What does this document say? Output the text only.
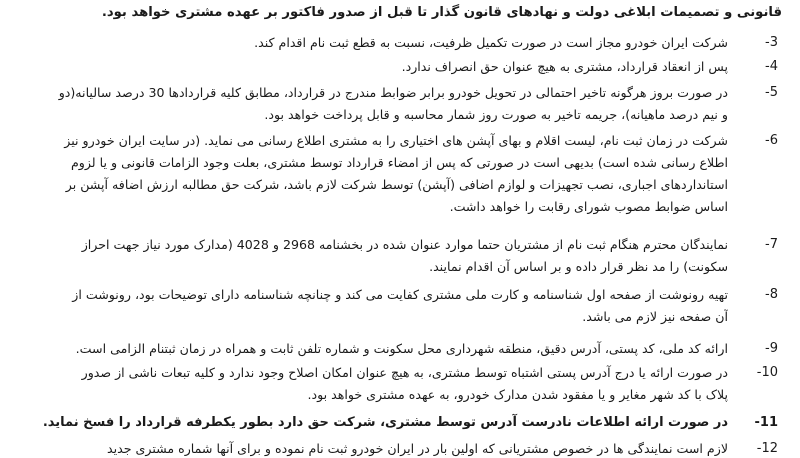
قانونی و تصمیمات ابلاغی دولت و نهادهای قانون گذار تا قبل از صدور فاکتور بر عهده مشتری خواهد بود.
-3
شرکت ایران خودرو مجاز است در صورت تکمیل ظرفیت، نسبت به قطع ثبت نام اقدام کند.
-4
پس از انعقاد قرارداد، مشتری به هیچ عنوان حق انصراف ندارد.
-5
در صورت بروز هرگونه تاخیر احتمالی در تحویل خودرو برابر ضوابط مندرج در قرارداد، مطابق کلیه قراردادها 30 درصد سالیانه(دو
و نیم درصد ماهیانه)، جریمه تاخیر به صورت روز شمار محاسبه و قابل پرداخت خواهد بود.
-6
شرکت در زمان ثبت نام، لیست اقلام و بهای آپشن های اختیاری را به مشتری اطلاع رسانی می نماید. (در سایت ایران خودرو نیز
اطلاع رسانی شده است) بدیهی است در صورتی که پس از امضاء قرارداد توسط مشتری، بعلت وجود الزامات قانونی و یا لزوم
استانداردهای اجباری، نصب تجهیزات و لوازم اضافی (آپشن) توسط شرکت لازم باشد، شرکت حق مطالبه ارزش اضافه آپشن بر
اساس ضوابط مصوب شورای رقابت را خواهد داشت.
-7
نمایندگان محترم هنگام ثبت نام از مشتریان حتما موارد عنوان شده در بخشنامه 2968 و 4028 (مدارک مورد نیاز جهت احراز
سکونت) را مد نظر قرار داده و بر اساس آن اقدام نمایند.
-8
تهیه رونوشت از صفحه اول شناسنامه و کارت ملی مشتری کفایت می کند و چنانچه شناسنامه دارای توضیحات بود، رونوشت از
آن صفحه نیز لازم می باشد.
-9
ارائه کد ملی، کد پستی، آدرس دقیق، منطقه شهرداری محل سکونت و شماره تلفن ثابت و همراه در زمان ثبتنام الزامی است.
-10
در صورت ارائه یا درج آدرس پستی اشتباه توسط مشتری، به هیچ عنوان امکان اصلاح وجود ندارد و کلیه تبعات ناشی از صدور
پلاک با کد شهر مغایر و یا مفقود شدن مدارک خودرو، به عهده مشتری خواهد بود.
-11
در صورت ارائه اطلاعات نادرست آدرس توسط مشتری، شرکت حق دارد بطور یکطرفه قرارداد را فسخ نماید.
-12
لازم است نمایندگی ها در خصوص مشتریانی که اولین بار در ایران خودرو ثبت نام نموده و برای آنها شماره مشتری جدید
